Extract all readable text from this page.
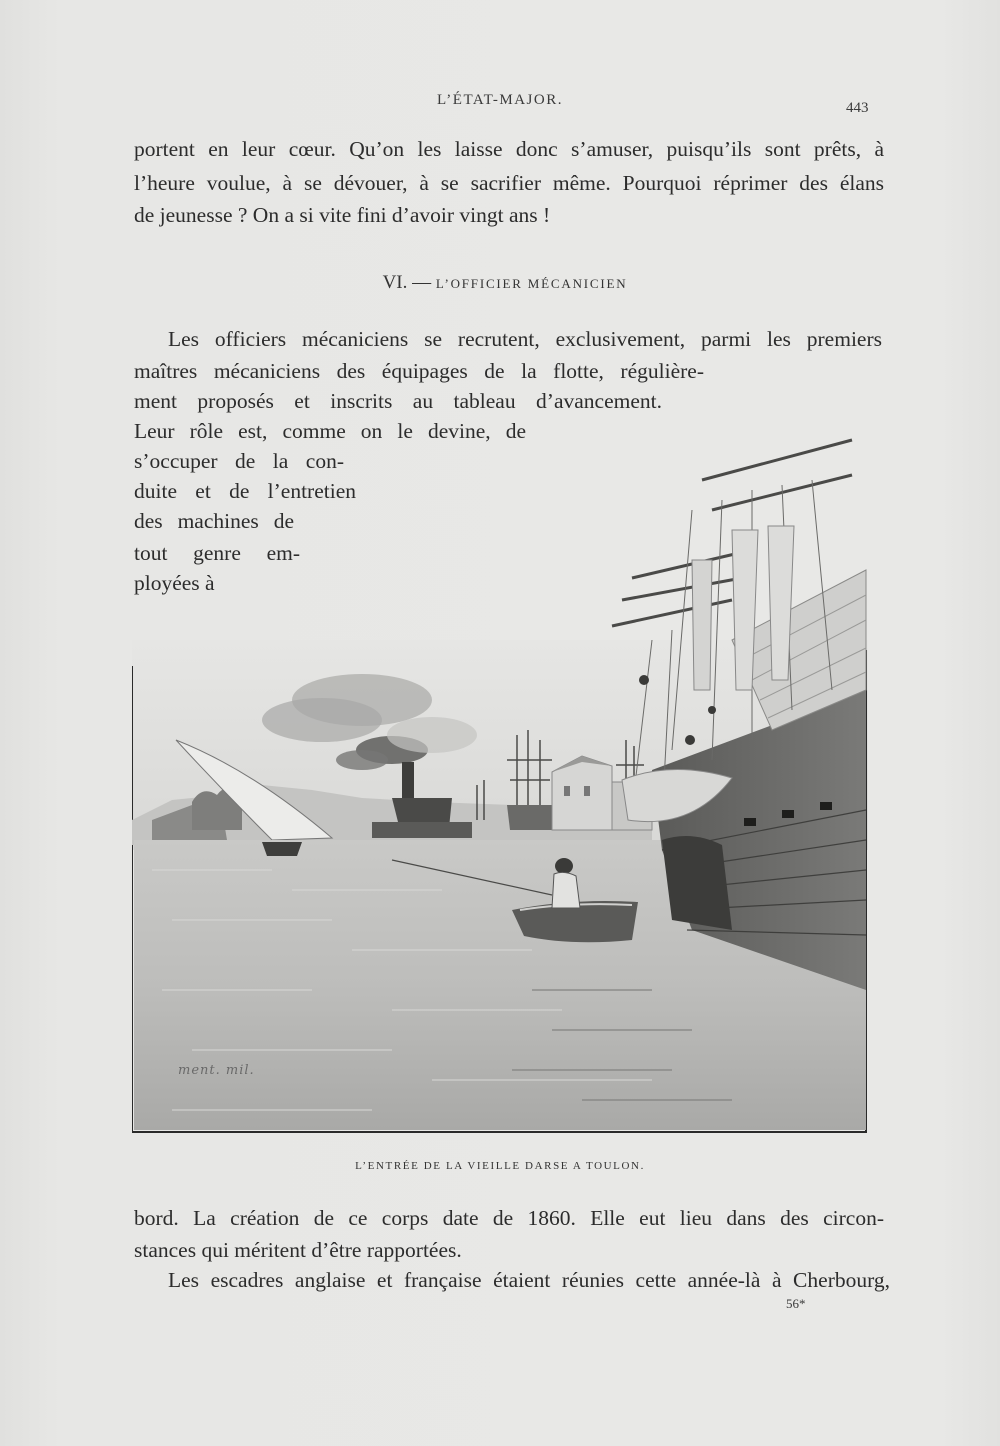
L’ÉTAT-MAJOR.	443
portent en leur cœur. Qu’on les laisse donc s’amuser, puisqu’ils sont prêts, à
l’heure voulue, à se dévouer, à se sacrifier même. Pourquoi réprimer des élans
de jeunesse ? On a si vite fini d’avoir vingt ans !
VI. — L’OFFICIER MÉCANICIEN
Les officiers mécaniciens se recrutent, exclusivement, parmi les premiers
maîtres mécaniciens des équipages de la flotte, régulière-
ment proposés et inscrits au tableau d’avancement.
Leur rôle est, comme on le devine, de
s’occuper de la con-
duite et de l’entretien
des machines de
tout genre em-
ployées à
ment. mil.
L’ENTRÉE DE LA VIEILLE DARSE A TOULON.
bord. La création de ce corps date de 1860. Elle eut lieu dans des circon-
stances qui méritent d’être rapportées.
Les escadres anglaise et française étaient réunies cette année-là à Cherbourg,
56*
